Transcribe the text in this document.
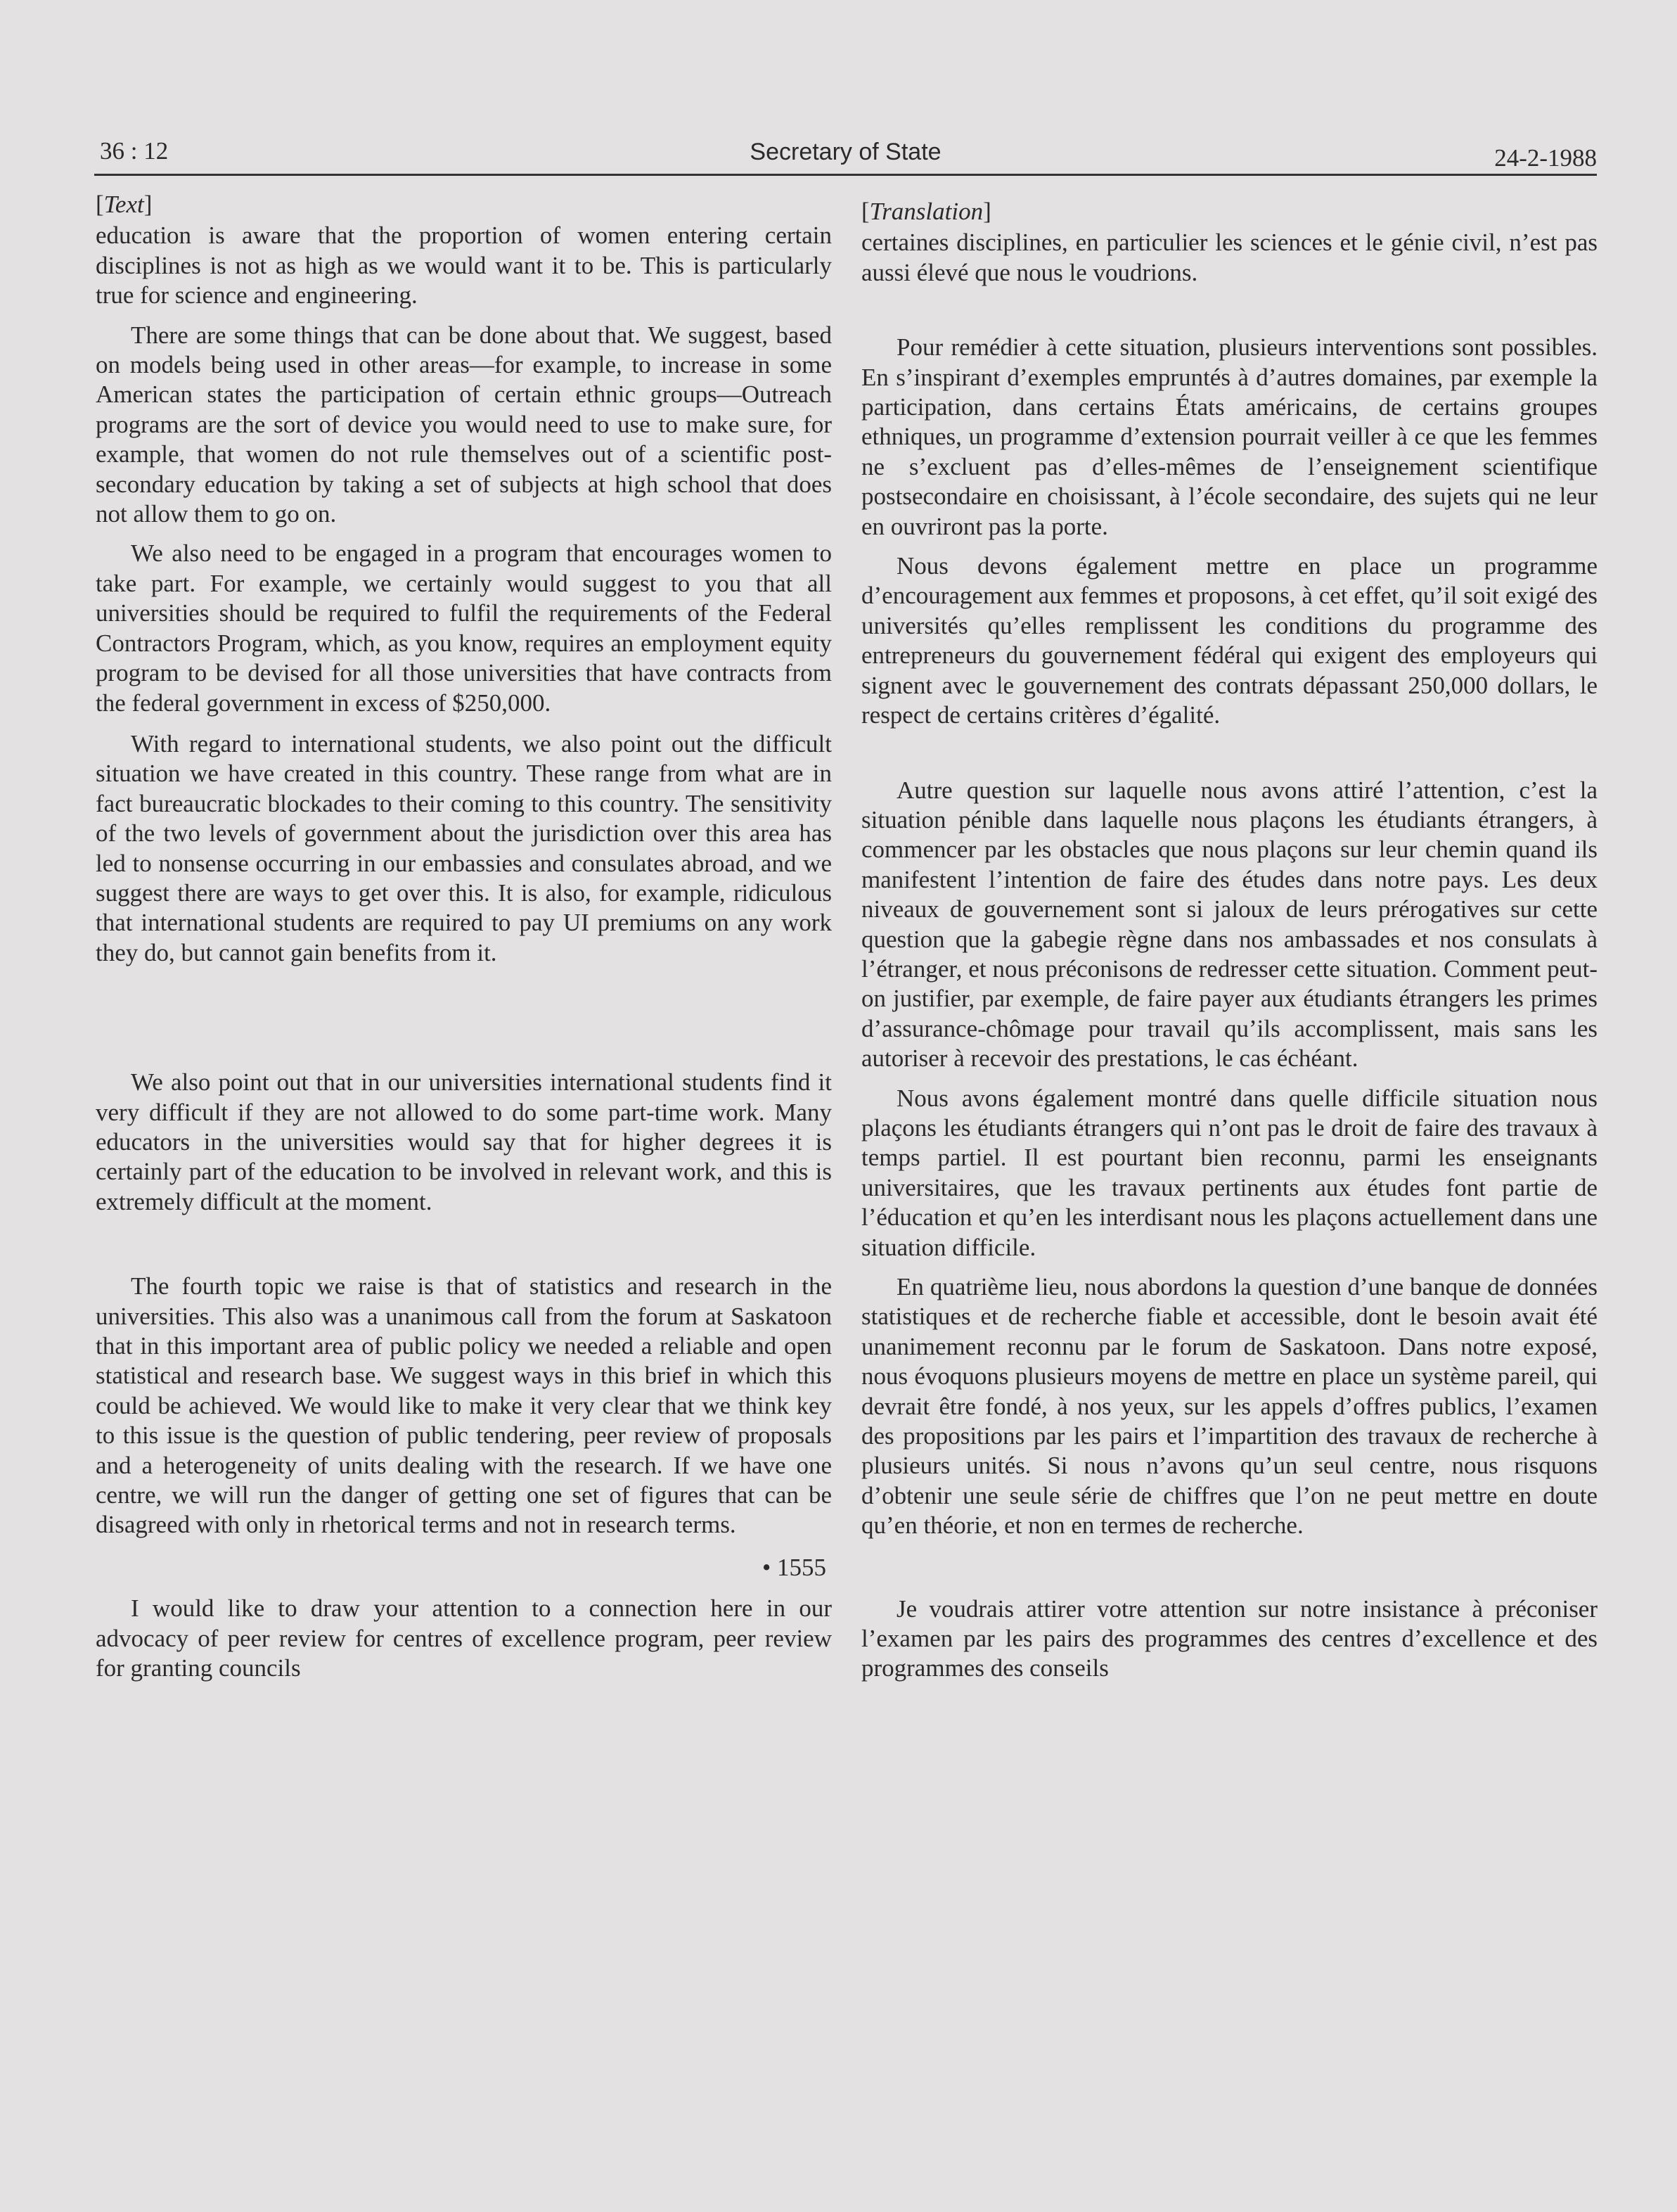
36 : 12	Secretary of State	24-2-1988

[Text]

education is aware that the proportion of women entering certain disciplines is not as high as we would want it to be. This is particularly true for science and engineering.

There are some things that can be done about that. We suggest, based on models being used in other areas—for example, to increase in some American states the participation of certain ethnic groups—Outreach programs are the sort of device you would need to use to make sure, for example, that women do not rule themselves out of a scientific post-secondary education by taking a set of subjects at high school that does not allow them to go on.

We also need to be engaged in a program that encourages women to take part. For example, we certainly would suggest to you that all universities should be required to fulfil the requirements of the Federal Contractors Program, which, as you know, requires an employment equity program to be devised for all those universities that have contracts from the federal government in excess of $250,000.

With regard to international students, we also point out the difficult situation we have created in this country. These range from what are in fact bureaucratic blockades to their coming to this country. The sensitivity of the two levels of government about the jurisdiction over this area has led to nonsense occurring in our embassies and consulates abroad, and we suggest there are ways to get over this. It is also, for example, ridiculous that international students are required to pay UI premiums on any work they do, but cannot gain benefits from it.

We also point out that in our universities international students find it very difficult if they are not allowed to do some part-time work. Many educators in the universities would say that for higher degrees it is certainly part of the education to be involved in relevant work, and this is extremely difficult at the moment.

The fourth topic we raise is that of statistics and research in the universities. This also was a unanimous call from the forum at Saskatoon that in this important area of public policy we needed a reliable and open statistical and research base. We suggest ways in this brief in which this could be achieved. We would like to make it very clear that we think key to this issue is the question of public tendering, peer review of proposals and a heterogeneity of units dealing with the research. If we have one centre, we will run the danger of getting one set of figures that can be disagreed with only in rhetorical terms and not in research terms.

• 1555

I would like to draw your attention to a connection here in our advocacy of peer review for centres of excellence program, peer review for granting councils

[Translation]

certaines disciplines, en particulier les sciences et le génie civil, n’est pas aussi élevé que nous le voudrions.

Pour remédier à cette situation, plusieurs interventions sont possibles. En s’inspirant d’exemples empruntés à d’autres domaines, par exemple la participation, dans certains États américains, de certains groupes ethniques, un programme d’extension pourrait veiller à ce que les femmes ne s’excluent pas d’elles-mêmes de l’enseignement scientifique postsecondaire en choisissant, à l’école secondaire, des sujets qui ne leur en ouvriront pas la porte.

Nous devons également mettre en place un programme d’encouragement aux femmes et proposons, à cet effet, qu’il soit exigé des universités qu’elles remplissent les conditions du programme des entrepreneurs du gouvernement fédéral qui exigent des employeurs qui signent avec le gouvernement des contrats dépassant 250,000 dollars, le respect de certains critères d’égalité.

Autre question sur laquelle nous avons attiré l’attention, c’est la situation pénible dans laquelle nous plaçons les étudiants étrangers, à commencer par les obstacles que nous plaçons sur leur chemin quand ils manifestent l’intention de faire des études dans notre pays. Les deux niveaux de gouvernement sont si jaloux de leurs prérogatives sur cette question que la gabegie règne dans nos ambassades et nos consulats à l’étranger, et nous préconisons de redresser cette situation. Comment peut-on justifier, par exemple, de faire payer aux étudiants étrangers les primes d’assurance-chômage pour travail qu’ils accomplissent, mais sans les autoriser à recevoir des prestations, le cas échéant.

Nous avons également montré dans quelle difficile situation nous plaçons les étudiants étrangers qui n’ont pas le droit de faire des travaux à temps partiel. Il est pourtant bien reconnu, parmi les enseignants universitaires, que les travaux pertinents aux études font partie de l’éducation et qu’en les interdisant nous les plaçons actuellement dans une situation difficile.

En quatrième lieu, nous abordons la question d’une banque de données statistiques et de recherche fiable et accessible, dont le besoin avait été unanimement reconnu par le forum de Saskatoon. Dans notre exposé, nous évoquons plusieurs moyens de mettre en place un système pareil, qui devrait être fondé, à nos yeux, sur les appels d’offres publics, l’examen des propositions par les pairs et l’impartition des travaux de recherche à plusieurs unités. Si nous n’avons qu’un seul centre, nous risquons d’obtenir une seule série de chiffres que l’on ne peut mettre en doute qu’en théorie, et non en termes de recherche.

Je voudrais attirer votre attention sur notre insistance à préconiser l’examen par les pairs des programmes des centres d’excellence et des programmes des conseils
